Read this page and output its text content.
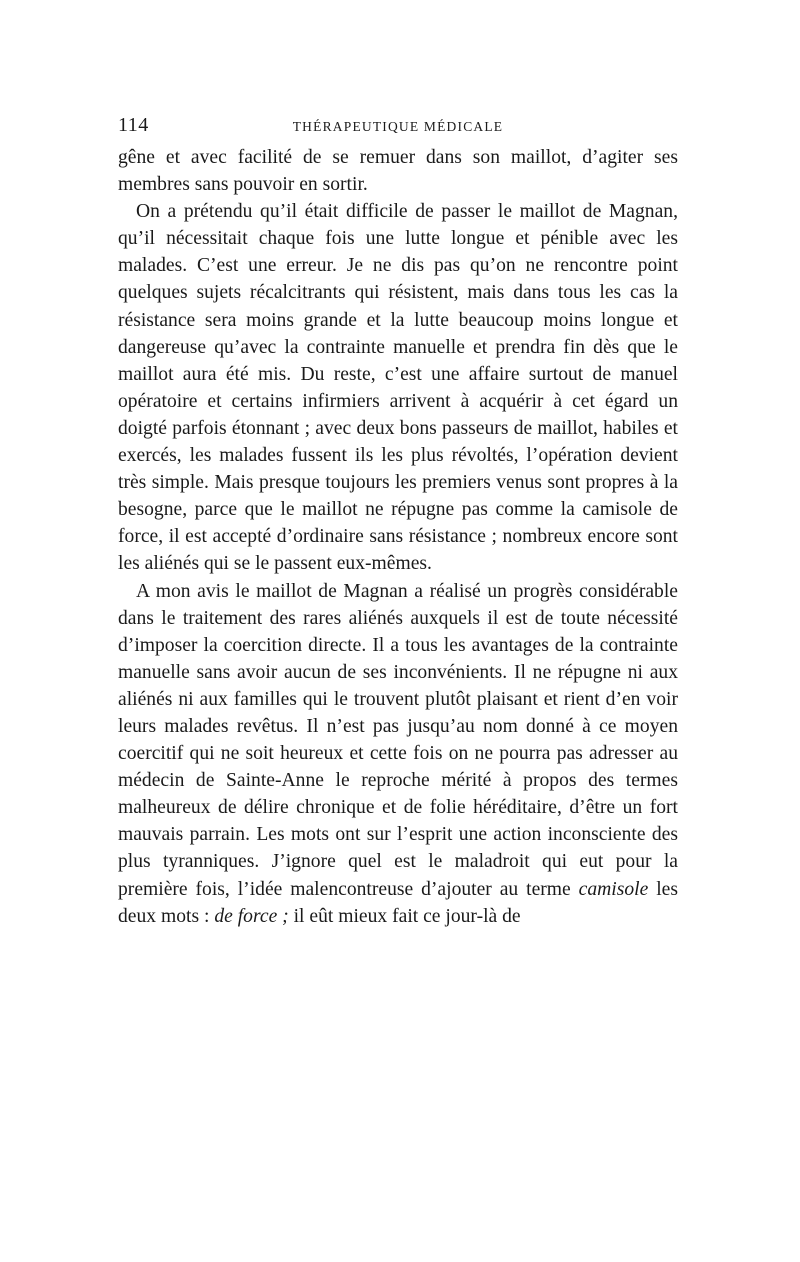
114	THÉRAPEUTIQUE MÉDICALE

gêne et avec facilité de se remuer dans son maillot, d’agiter ses membres sans pouvoir en sortir.

On a prétendu qu’il était difficile de passer le maillot de Magnan, qu’il nécessitait chaque fois une lutte longue et pénible avec les malades. C’est une erreur. Je ne dis pas qu’on ne rencontre point quelques sujets récalcitrants qui résistent, mais dans tous les cas la résistance sera moins grande et la lutte beaucoup moins longue et dangereuse qu’avec la contrainte manuelle et prendra fin dès que le maillot aura été mis. Du reste, c’est une affaire surtout de manuel opératoire et certains infirmiers arrivent à acquérir à cet égard un doigté parfois étonnant ; avec deux bons passeurs de maillot, habiles et exercés, les malades fussent ils les plus révoltés, l’opération devient très simple. Mais presque toujours les premiers venus sont propres à la besogne, parce que le maillot ne répugne pas comme la camisole de force, il est accepté d’ordinaire sans résistance ; nombreux encore sont les aliénés qui se le passent eux-mêmes.

A mon avis le maillot de Magnan a réalisé un progrès considérable dans le traitement des rares aliénés auxquels il est de toute nécessité d’imposer la coercition directe. Il a tous les avantages de la contrainte manuelle sans avoir aucun de ses inconvénients. Il ne répugne ni aux aliénés ni aux familles qui le trouvent plutôt plaisant et rient d’en voir leurs malades revêtus. Il n’est pas jusqu’au nom donné à ce moyen coercitif qui ne soit heureux et cette fois on ne pourra pas adresser au médecin de Sainte-Anne le reproche mérité à propos des termes malheureux de délire chronique et de folie héréditaire, d’être un fort mauvais parrain. Les mots ont sur l’esprit une action inconsciente des plus tyranniques. J’ignore quel est le maladroit qui eut pour la première fois, l’idée malencontreuse d’ajouter au terme camisole les deux mots : de force ; il eût mieux fait ce jour-là de
